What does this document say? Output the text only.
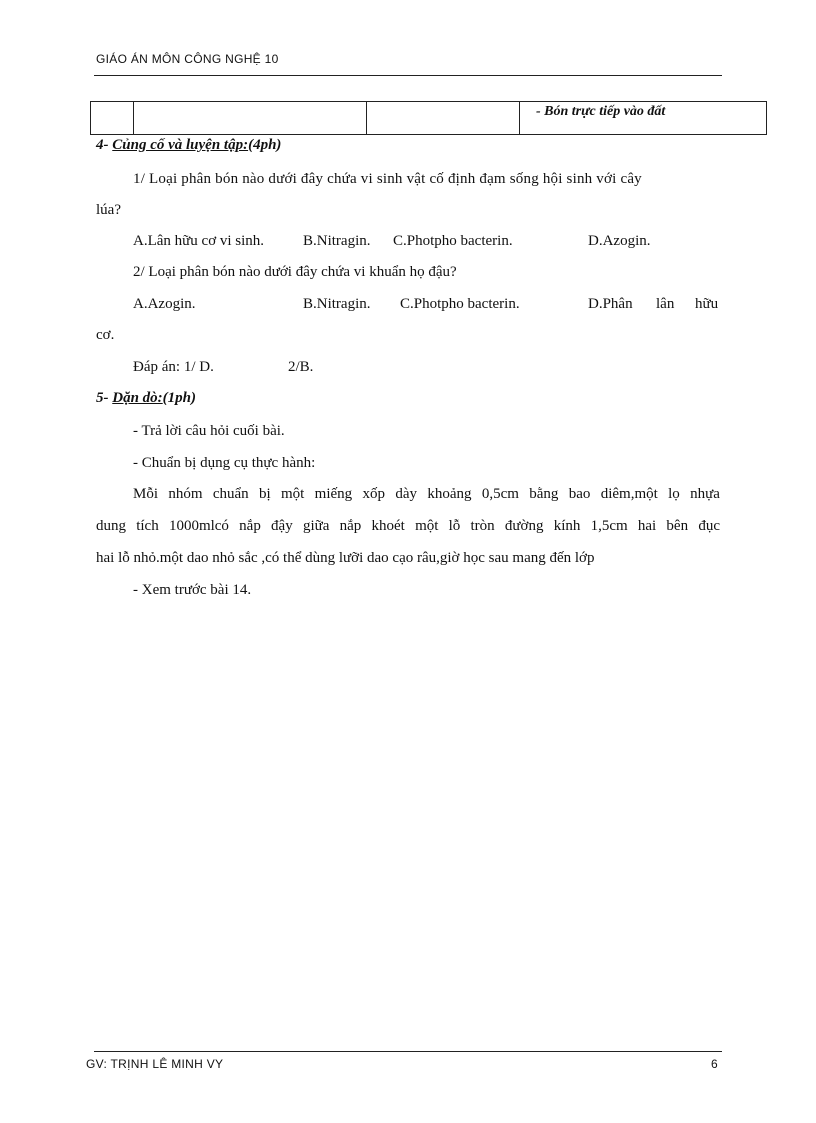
GIÁO ÁN MÔN CÔNG NGHỆ 10
			- Bón trực tiếp vào đất
4- Củng cố và luyện tập:(4ph)
1/ Loại phân bón nào dưới đây chứa vi sinh vật cố định đạm sống hội sinh với cây
lúa?
A.Lân hữu cơ vi sinh.	B.Nitragin. C.Photpho bacterin.	D.Azogin.
2/ Loại phân bón nào dưới đây chứa vi khuẩn họ đậu?
A.Azogin.	B.Nitragin. C.Photpho bacterin.	D.Phân lân hữu
cơ.
Đáp án: 1/ D.	2/B.
5- Dặn dò:(1ph)
- Trả lời câu hỏi cuối bài.
- Chuẩn bị dụng cụ thực hành:
Mỗi nhóm chuẩn bị một miếng xốp dày khoảng 0,5cm bằng bao diêm,một lọ nhựa
dung tích 1000mlcó nắp đậy giữa nắp khoét một lỗ tròn đường kính 1,5cm hai bên đục
hai lỗ nhỏ.một dao nhỏ sắc ,có thể dùng lưỡi dao cạo râu,giờ học sau mang đến lớp
- Xem trước bài 14.
GV: TRỊNH LÊ MINH VY	6
